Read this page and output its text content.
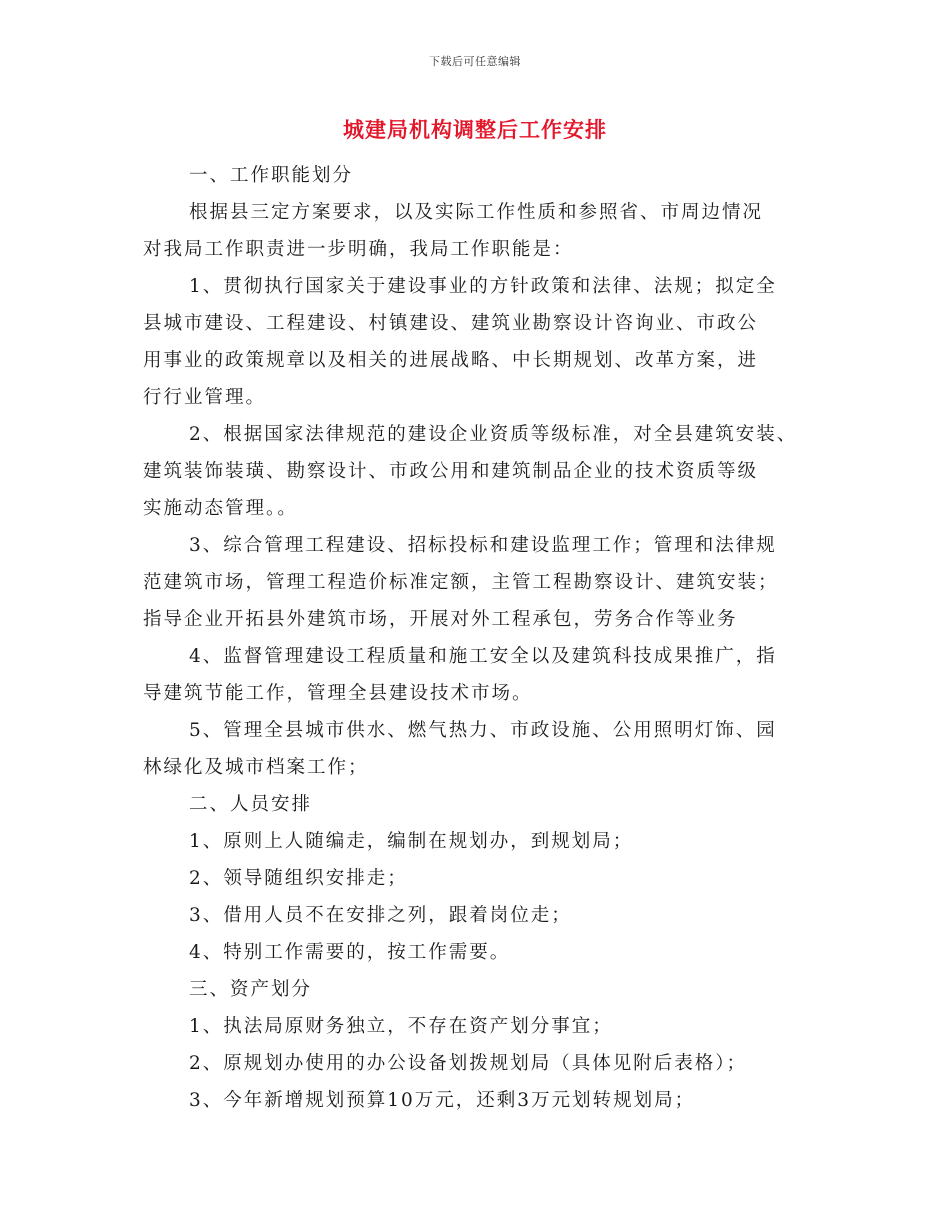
下载后可任意编辑
城建局机构调整后工作安排

一、工作职能划分

根据县三定方案要求，以及实际工作性质和参照省、市周边情况

对我局工作职责进一步明确，我局工作职能是：

1、贯彻执行国家关于建设事业的方针政策和法律、法规；拟定全

县城市建设、工程建设、村镇建设、建筑业勘察设计咨询业、市政公

用事业的政策规章以及相关的进展战略、中长期规划、改革方案，进

行行业管理。

2、根据国家法律规范的建设企业资质等级标准，对全县建筑安装、

建筑装饰装璜、勘察设计、市政公用和建筑制品企业的技术资质等级

实施动态管理。。

3、综合管理工程建设、招标投标和建设监理工作；管理和法律规

范建筑市场，管理工程造价标准定额，主管工程勘察设计、建筑安装；

指导企业开拓县外建筑市场，开展对外工程承包，劳务合作等业务

4、监督管理建设工程质量和施工安全以及建筑科技成果推广，指

导建筑节能工作，管理全县建设技术市场。

5、管理全县城市供水、燃气热力、市政设施、公用照明灯饰、园

林绿化及城市档案工作；

二、人员安排

1、原则上人随编走，编制在规划办，到规划局；

2、领导随组织安排走；

3、借用人员不在安排之列，跟着岗位走；

4、特别工作需要的，按工作需要。

三、资产划分

1、执法局原财务独立，不存在资产划分事宜；

2、原规划办使用的办公设备划拨规划局（具体见附后表格）；

3、今年新增规划预算10万元，还剩3万元划转规划局；
